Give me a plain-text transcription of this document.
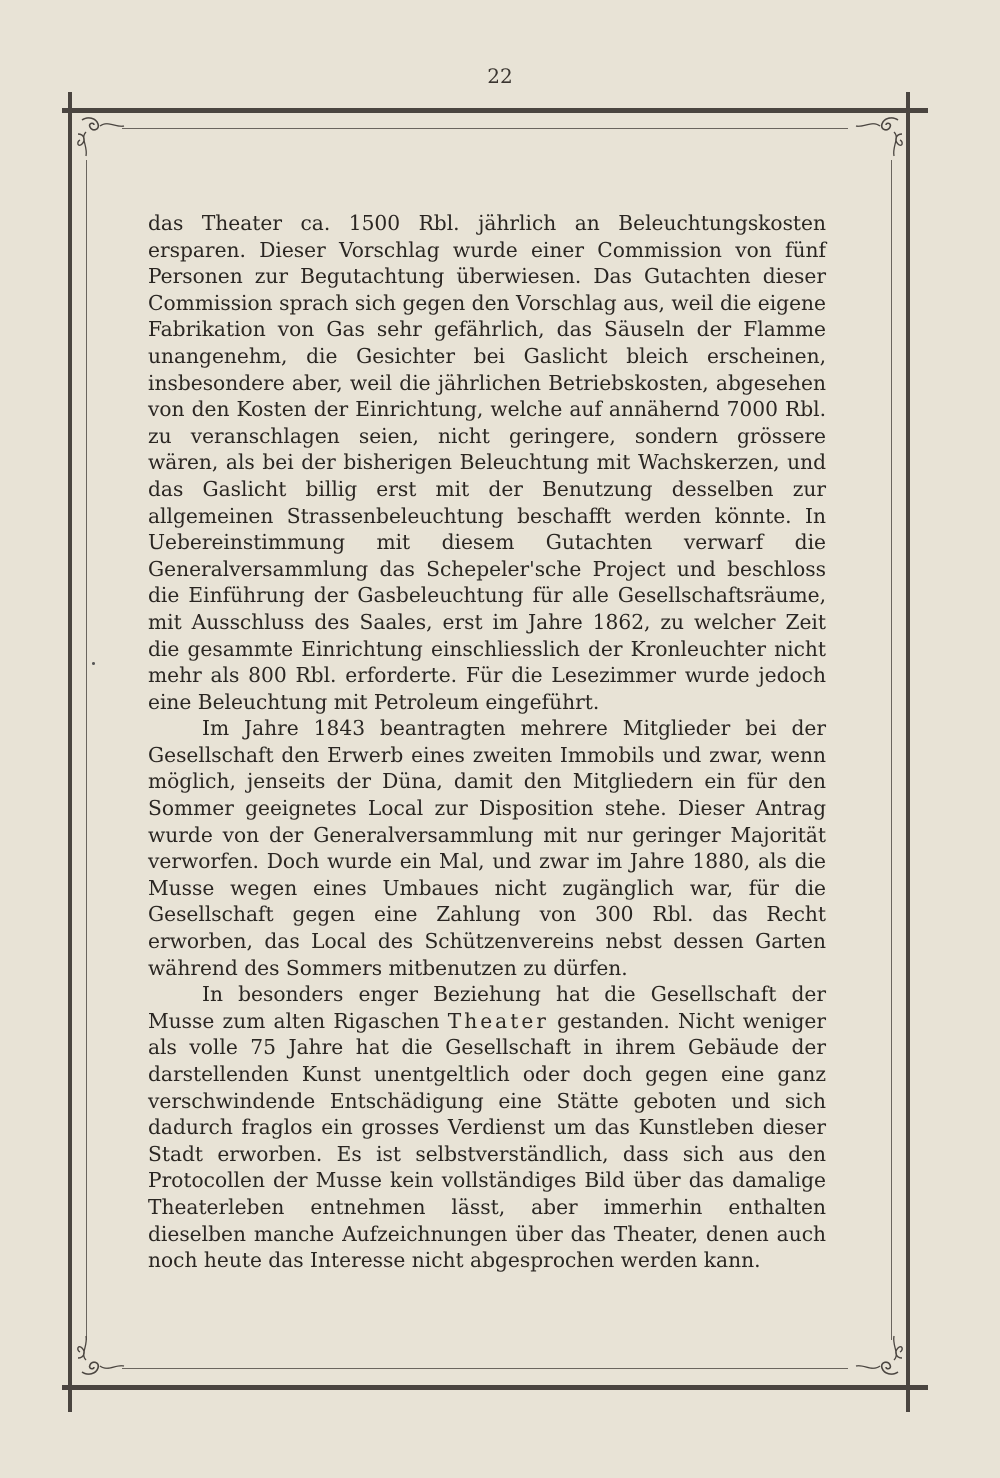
22

das Theater ca. 1500 Rbl. jährlich an Beleuchtungskosten ersparen. Dieser Vorschlag wurde einer Commission von fünf Personen zur Begutachtung überwiesen. Das Gutachten dieser Commission sprach sich gegen den Vorschlag aus, weil die eigene Fabrikation von Gas sehr gefährlich, das Säuseln der Flamme unangenehm, die Gesichter bei Gaslicht bleich erscheinen, insbesondere aber, weil die jährlichen Betriebskosten, abgesehen von den Kosten der Einrichtung, welche auf annähernd 7000 Rbl. zu veranschlagen seien, nicht geringere, sondern grössere wären, als bei der bisherigen Beleuchtung mit Wachskerzen, und das Gaslicht billig erst mit der Benutzung desselben zur allgemeinen Strassenbeleuchtung beschafft werden könnte. In Uebereinstimmung mit diesem Gutachten verwarf die Generalversammlung das Schepeler'sche Project und beschloss die Einführung der Gasbeleuchtung für alle Gesellschaftsräume, mit Ausschluss des Saales, erst im Jahre 1862, zu welcher Zeit die gesammte Einrichtung einschliesslich der Kronleuchter nicht mehr als 800 Rbl. erforderte. Für die Lesezimmer wurde jedoch eine Beleuchtung mit Petroleum eingeführt.

Im Jahre 1843 beantragten mehrere Mitglieder bei der Gesellschaft den Erwerb eines zweiten Immobils und zwar, wenn möglich, jenseits der Düna, damit den Mitgliedern ein für den Sommer geeignetes Local zur Disposition stehe. Dieser Antrag wurde von der Generalversammlung mit nur geringer Majorität verworfen. Doch wurde ein Mal, und zwar im Jahre 1880, als die Musse wegen eines Umbaues nicht zugänglich war, für die Gesellschaft gegen eine Zahlung von 300 Rbl. das Recht erworben, das Local des Schützenvereins nebst dessen Garten während des Sommers mitbenutzen zu dürfen.

In besonders enger Beziehung hat die Gesellschaft der Musse zum alten Rigaschen Theater gestanden. Nicht weniger als volle 75 Jahre hat die Gesellschaft in ihrem Gebäude der darstellenden Kunst unentgeltlich oder doch gegen eine ganz verschwindende Entschädigung eine Stätte geboten und sich dadurch fraglos ein grosses Verdienst um das Kunstleben dieser Stadt erworben. Es ist selbstverständlich, dass sich aus den Protocollen der Musse kein vollständiges Bild über das damalige Theaterleben entnehmen lässt, aber immerhin enthalten dieselben manche Aufzeichnungen über das Theater, denen auch noch heute das Interesse nicht abgesprochen werden kann.
